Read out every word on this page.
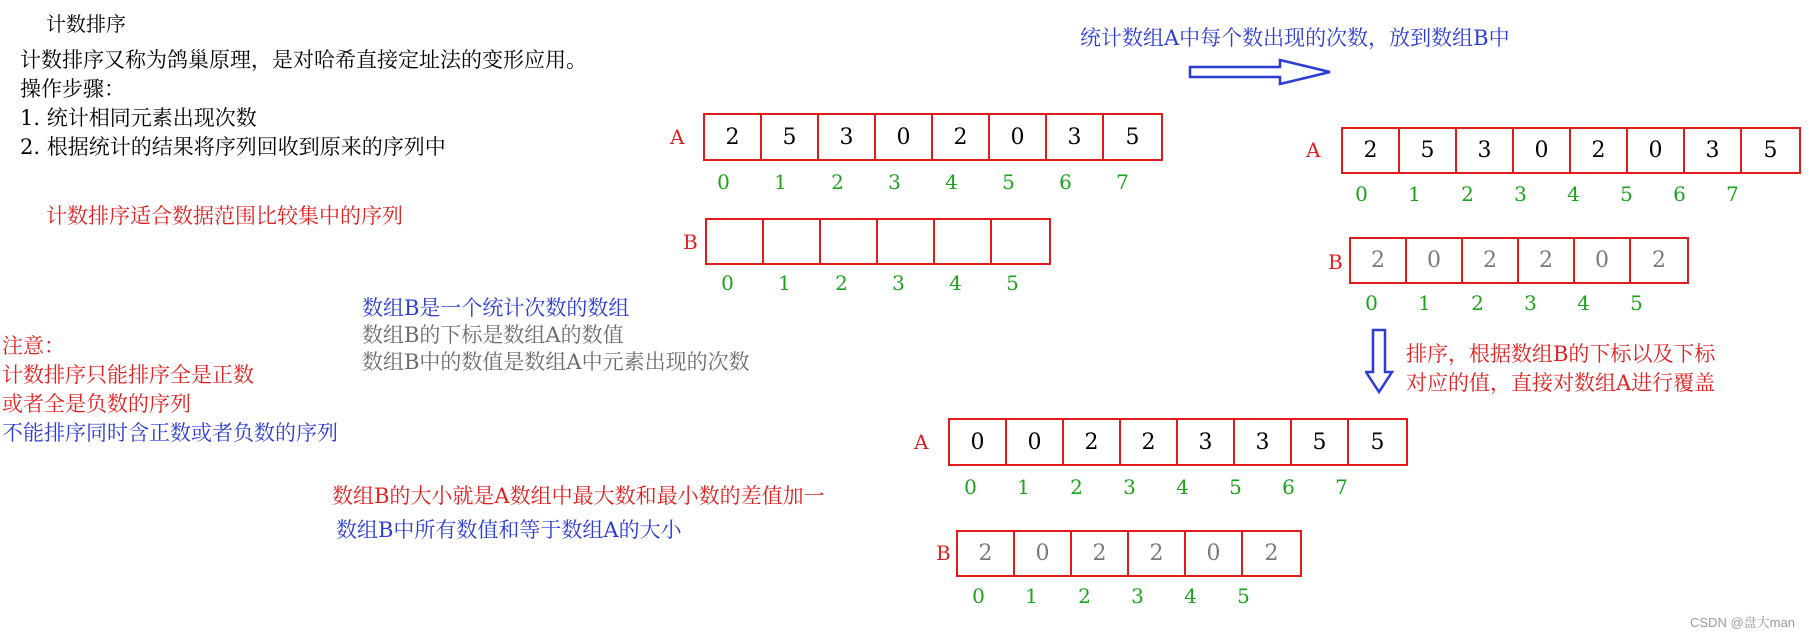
计数排序
计数排序又称为鸽巢原理，是对哈希直接定址法的变形应用。
操作步骤：
1. 统计相同元素出现次数
2. 根据统计的结果将序列回收到原来的序列中
计数排序适合数据范围比较集中的序列
注意：
计数排序只能排序全是正数
或者全是负数的序列
不能排序同时含正数或者负数的序列
数组B是一个统计次数的数组
数组B的下标是数组A的数值
数组B中的数值是数组A中元素出现的次数
数组B的大小就是A数组中最大数和最小数的差值加一
数组B中所有数值和等于数组A的大小
统计数组A中每个数出现的次数，放到数组B中
排序，根据数组B的下标以及下标
对应的值，直接对数组A进行覆盖
A
B
A
B
A
B
2	5	3	0	2	0	3	5
0	1	2	3	4	5	6	7
0	1	2	3	4	5
2	5	3	0	2	0	3	5
0	1	2	3	4	5	6	7
2	0	2	2	0	2
0	1	2	3	4	5
0	0	2	2	3	3	5	5
0	1	2	3	4	5	6	7
2	0	2	2	0	2
0	1	2	3	4	5
CSDN @盘大man
